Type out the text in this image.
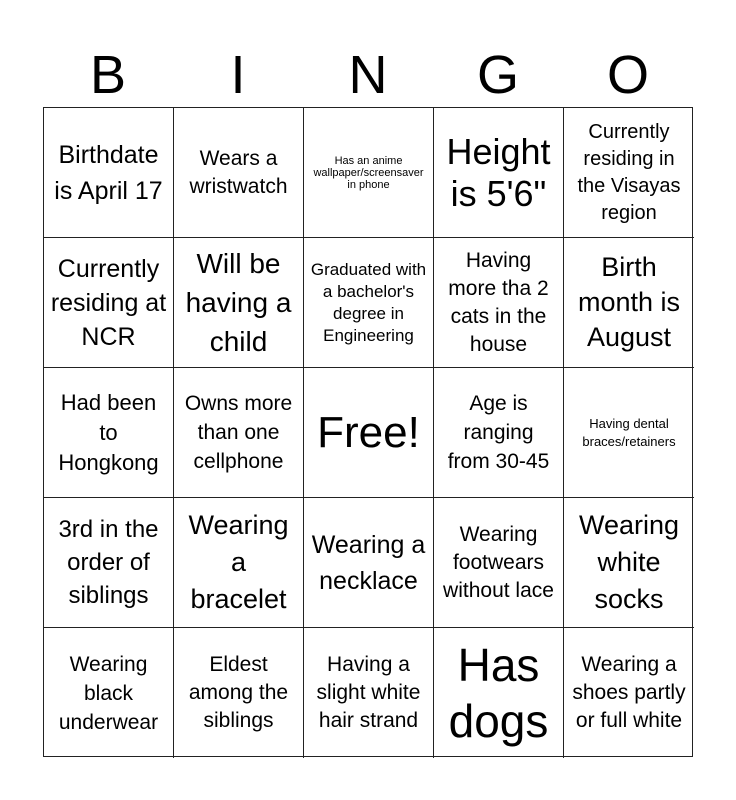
B	I	N	G	O
Birthdate is April 17
Wears a wristwatch
Has an anime wallpaper/screensaver in phone
Height is 5'6"
Currently residing in the Visayas region
Currently residing at NCR
Will be having a child
Graduated with a bachelor's degree in Engineering
Having more tha 2 cats in the house
Birth month is August
Had been to Hongkong
Owns more than one cellphone
Free!
Age is ranging from 30-45
Having dental braces/retainers
3rd in the order of siblings
Wearing a bracelet
Wearing a necklace
Wearing footwears without lace
Wearing white socks
Wearing black underwear
Eldest among the siblings
Having a slight white hair strand
Has dogs
Wearing a shoes partly or full white
